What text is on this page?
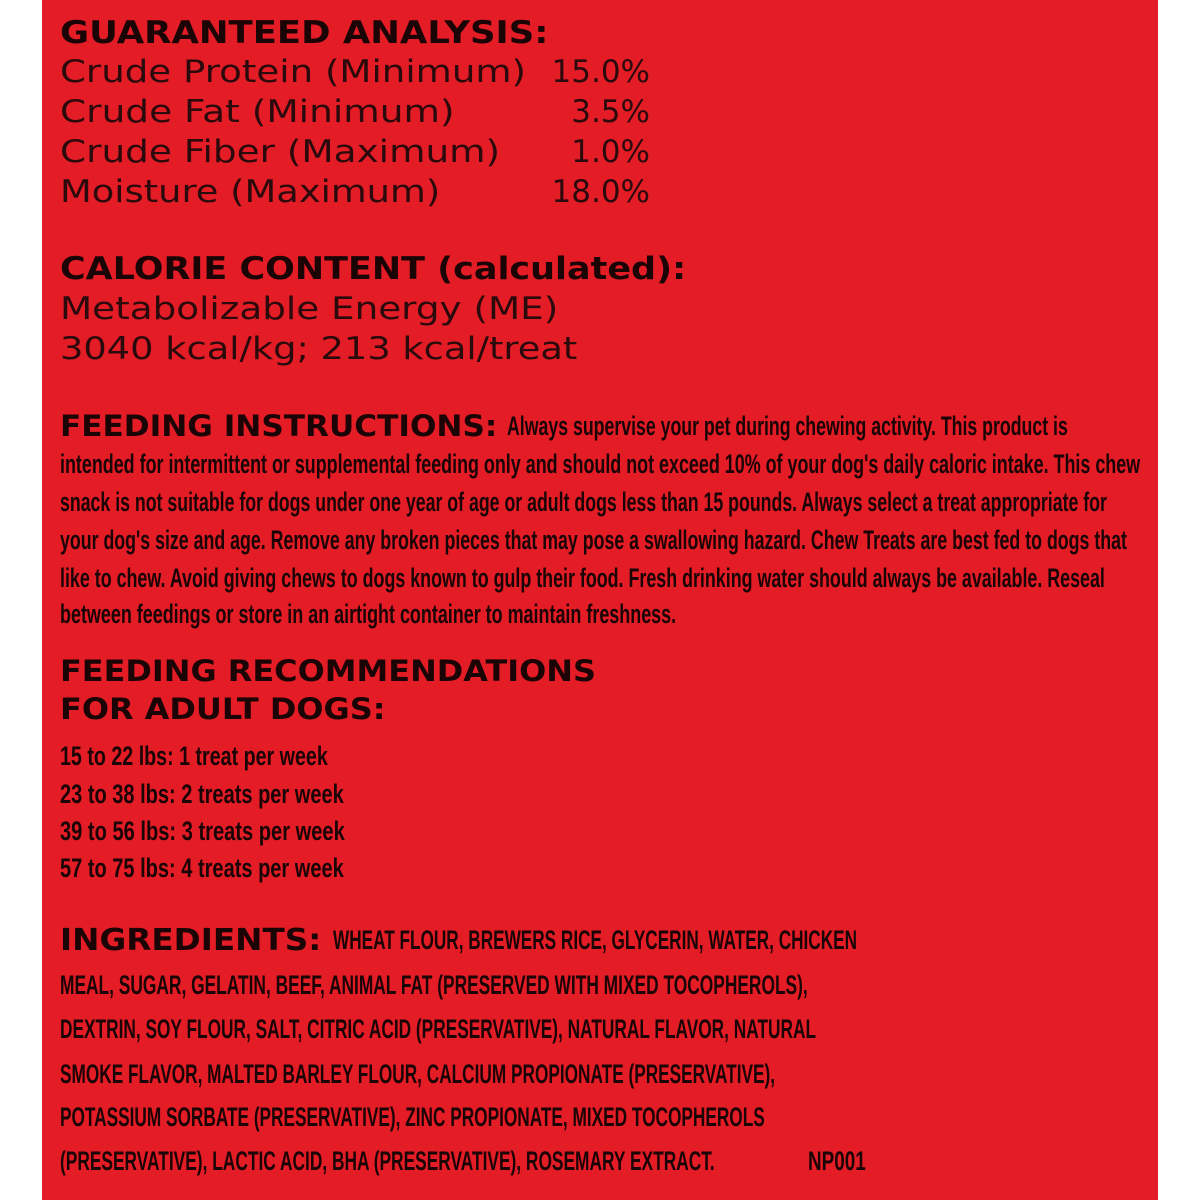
GUARANTEED ANALYSIS:
Crude Protein (Minimum) 15.0%
Crude Fat (Minimum)	3.5%
Crude Fiber (Maximum)	1.0%
Moisture (Maximum)	18.0%
CALORIE CONTENT (calculated):
Metabolizable Energy (ME)
3040 kcal/kg; 213 kcal/treat
FEEDING INSTRUCTIONS: Always supervise your pet during chewing activity. This product is
intended for intermittent or supplemental feeding only and should not exceed 10% of your dog's daily caloric intake. This chew
snack is not suitable for dogs under one year of age or adult dogs less than 15 pounds. Always select a treat appropriate for
your dog's size and age. Remove any broken pieces that may pose a swallowing hazard. Chew Treats are best fed to dogs that
like to chew. Avoid giving chews to dogs known to gulp their food. Fresh drinking water should always be available. Reseal
between feedings or store in an airtight container to maintain freshness.
FEEDING RECOMMENDATIONS
FOR ADULT DOGS:
15 to 22 lbs: 1 treat per week
23 to 38 lbs: 2 treats per week
39 to 56 lbs: 3 treats per week
57 to 75 lbs: 4 treats per week
INGREDIENTS: WHEAT FLOUR, BREWERS RICE, GLYCERIN, WATER, CHICKEN
MEAL, SUGAR, GELATIN, BEEF, ANIMAL FAT (PRESERVED WITH MIXED TOCOPHEROLS),
DEXTRIN, SOY FLOUR, SALT, CITRIC ACID (PRESERVATIVE), NATURAL FLAVOR, NATURAL
SMOKE FLAVOR, MALTED BARLEY FLOUR, CALCIUM PROPIONATE (PRESERVATIVE),
POTASSIUM SORBATE (PRESERVATIVE), ZINC PROPIONATE, MIXED TOCOPHEROLS
(PRESERVATIVE), LACTIC ACID, BHA (PRESERVATIVE), ROSEMARY EXTRACT.	NP001
